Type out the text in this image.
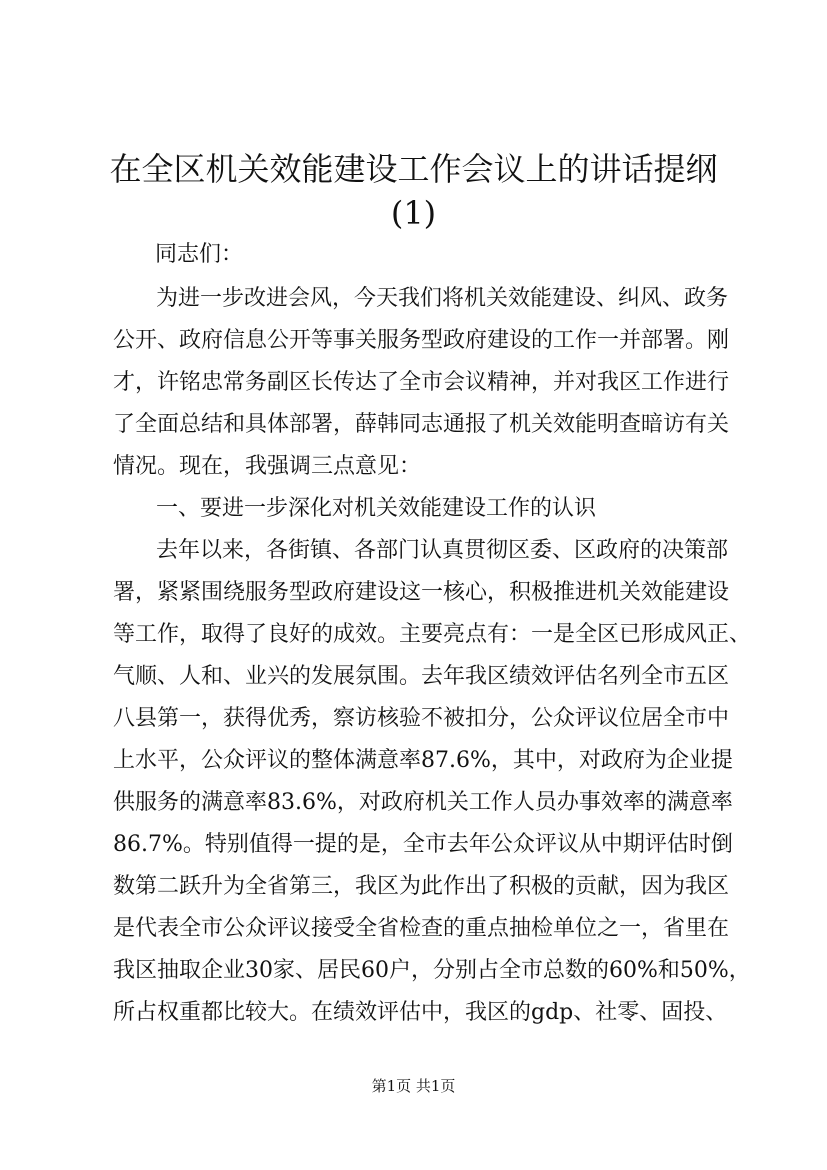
在全区机关效能建设工作会议上的讲话提纲
(1)

同志们：

为进一步改进会风，今天我们将机关效能建设、纠风、政务

公开、政府信息公开等事关服务型政府建设的工作一并部署。刚

才，许铭忠常务副区长传达了全市会议精神，并对我区工作进行

了全面总结和具体部署，薛韩同志通报了机关效能明查暗访有关

情况。现在，我强调三点意见：

一、要进一步深化对机关效能建设工作的认识

去年以来，各街镇、各部门认真贯彻区委、区政府的决策部

署，紧紧围绕服务型政府建设这一核心，积极推进机关效能建设

等工作，取得了良好的成效。主要亮点有：一是全区已形成风正、

气顺、人和、业兴的发展氛围。去年我区绩效评估名列全市五区

八县第一，获得优秀，察访核验不被扣分，公众评议位居全市中

上水平，公众评议的整体满意率87.6%，其中，对政府为企业提

供服务的满意率83.6%，对政府机关工作人员办事效率的满意率

86.7%。特别值得一提的是，全市去年公众评议从中期评估时倒

数第二跃升为全省第三，我区为此作出了积极的贡献，因为我区

是代表全市公众评议接受全省检查的重点抽检单位之一，省里在

我区抽取企业30家、居民60户，分别占全市总数的60%和50%，

所占权重都比较大。在绩效评估中，我区的gdp、社零、固投、

第1页 共1页
